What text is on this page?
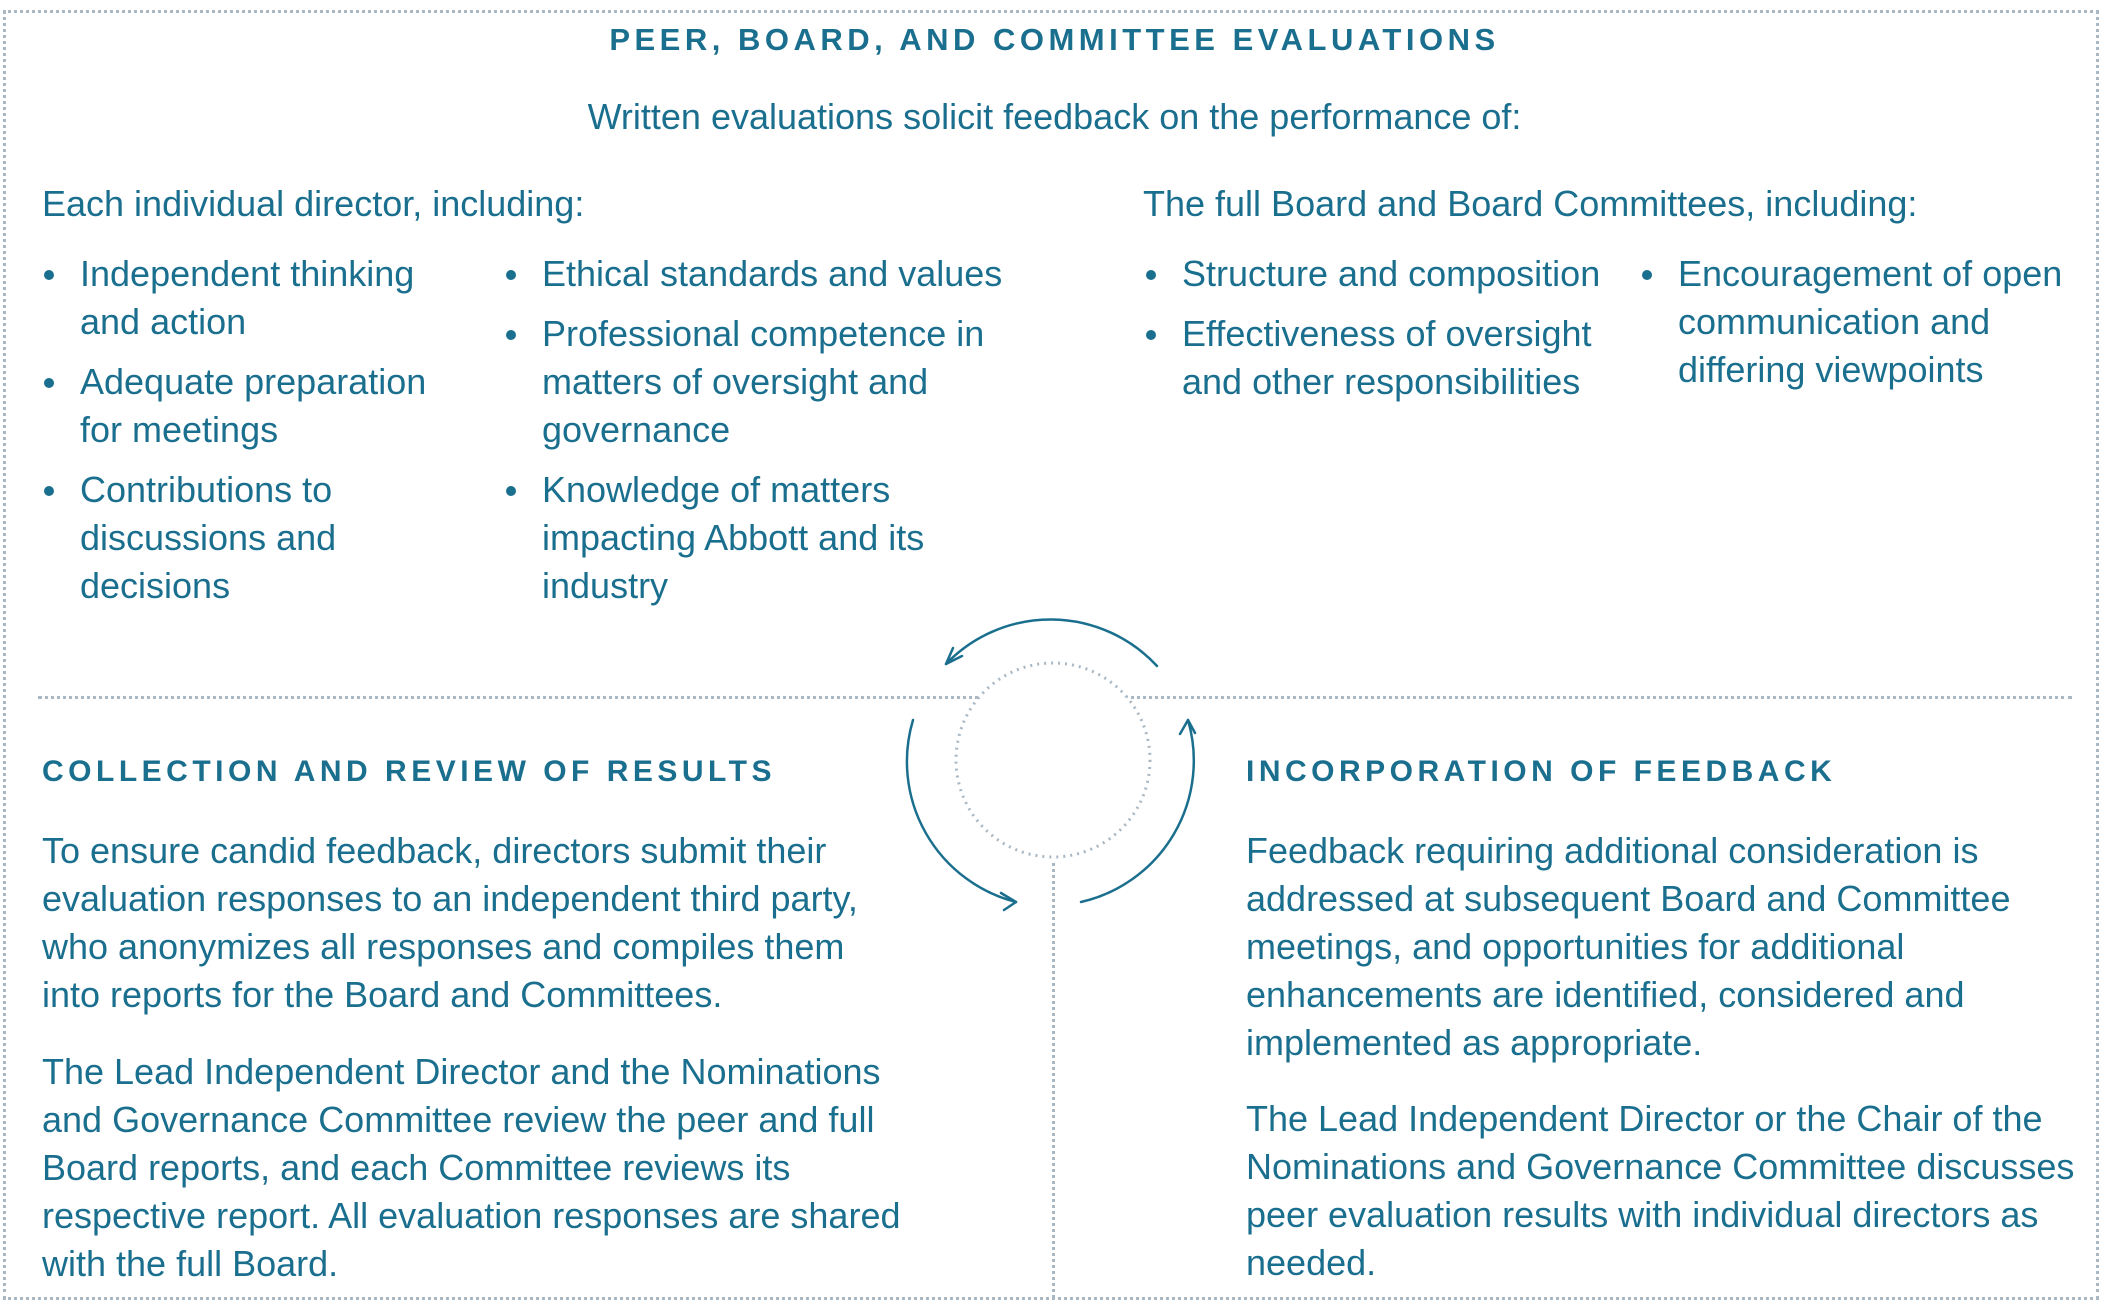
PEER, BOARD, AND COMMITTEE EVALUATIONS
Written evaluations solicit feedback on the performance of:
Each individual director, including:
Independent thinking and action
Adequate preparation for meetings
Contributions to discussions and decisions
Ethical standards and values
Professional competence in matters of oversight and governance
Knowledge of matters impacting Abbott and its industry
The full Board and Board Committees, including:
Structure and composition
Effectiveness of oversight and other responsibilities
Encouragement of open communication and differing viewpoints
COLLECTION AND REVIEW OF RESULTS

To ensure candid feedback, directors submit their evaluation responses to an independent third party, who anonymizes all responses and compiles them into reports for the Board and Committees.

The Lead Independent Director and the Nominations and Governance Committee review the peer and full Board reports, and each Committee reviews its respective report. All evaluation responses are shared with the full Board.

INCORPORATION OF FEEDBACK

Feedback requiring additional consideration is addressed at subsequent Board and Committee meetings, and opportunities for additional enhancements are identified, considered and implemented as appropriate.

The Lead Independent Director or the Chair of the Nominations and Governance Committee discusses peer evaluation results with individual directors as needed.
